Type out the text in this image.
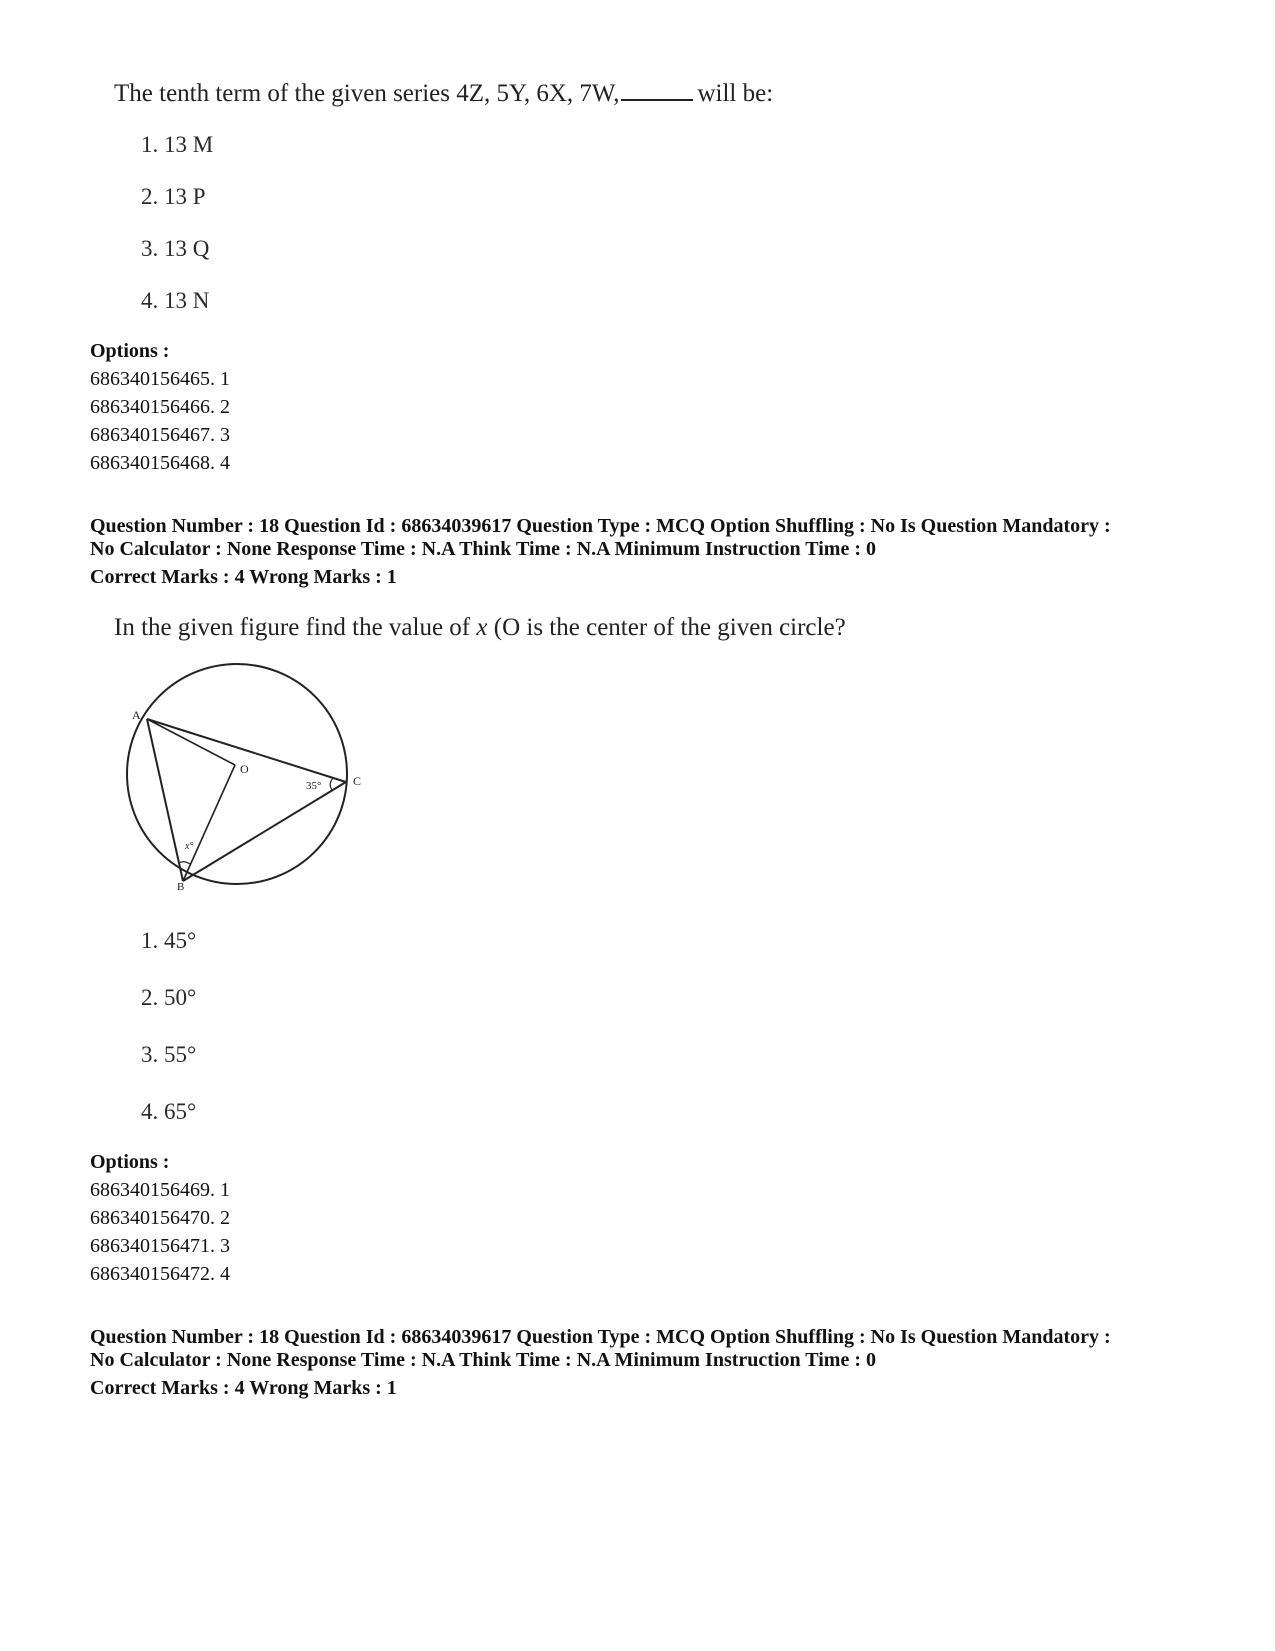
The tenth term of the given series 4Z, 5Y, 6X, 7W,	will be:
1. 13 M
2. 13 P
3. 13 Q
4. 13 N
Options :
686340156465. 1
686340156466. 2
686340156467. 3
686340156468. 4
Question Number : 18 Question Id : 68634039617 Question Type : MCQ Option Shuffling : No Is Question Mandatory :
No Calculator : None Response Time : N.A Think Time : N.A Minimum Instruction Time : 0
Correct Marks : 4 Wrong Marks : 1
In the given figure find the value of x (O is the center of the given circle?
A
O
C
B
35°
x°
1. 45°
2. 50°
3. 55°
4. 65°
Options :
686340156469. 1
686340156470. 2
686340156471. 3
686340156472. 4
Question Number : 18 Question Id : 68634039617 Question Type : MCQ Option Shuffling : No Is Question Mandatory :
No Calculator : None Response Time : N.A Think Time : N.A Minimum Instruction Time : 0
Correct Marks : 4 Wrong Marks : 1
